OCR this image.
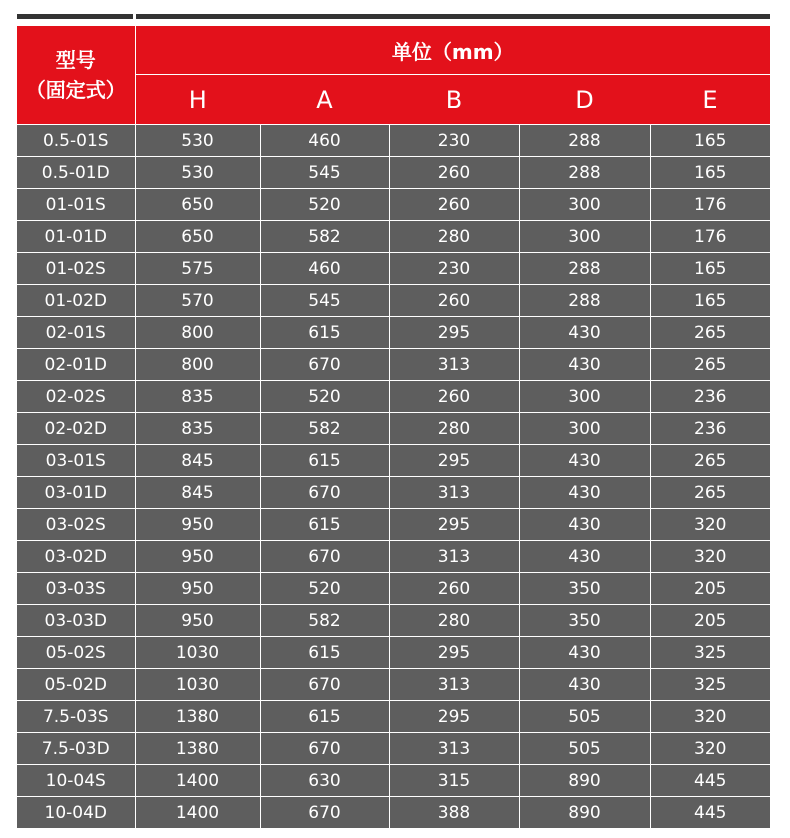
型号
（固定式）	单位（mm）				
	H	A	B	D	E
0.5-01S	530	460	230	288	165
0.5-01D	530	545	260	288	165
01-01S	650	520	260	300	176
01-01D	650	582	280	300	176
01-02S	575	460	230	288	165
01-02D	570	545	260	288	165
02-01S	800	615	295	430	265
02-01D	800	670	313	430	265
02-02S	835	520	260	300	236
02-02D	835	582	280	300	236
03-01S	845	615	295	430	265
03-01D	845	670	313	430	265
03-02S	950	615	295	430	320
03-02D	950	670	313	430	320
03-03S	950	520	260	350	205
03-03D	950	582	280	350	205
05-02S	1030	615	295	430	325
05-02D	1030	670	313	430	325
7.5-03S	1380	615	295	505	320
7.5-03D	1380	670	313	505	320
10-04S	1400	630	315	890	445
10-04D	1400	670	388	890	445
